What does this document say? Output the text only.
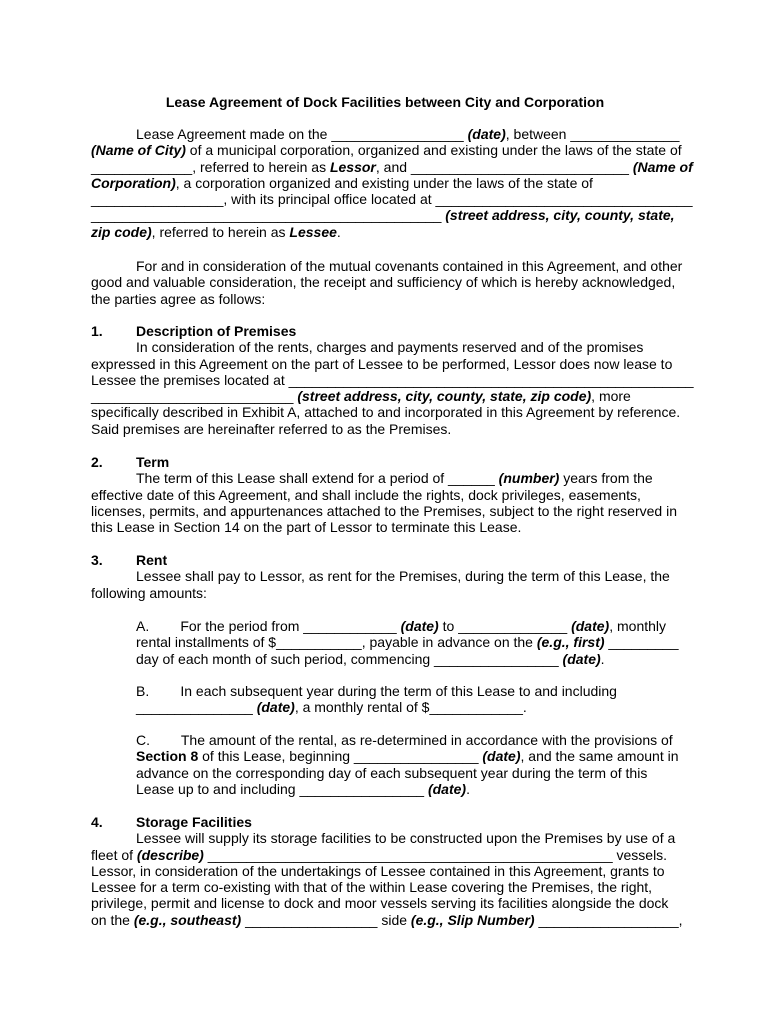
Lease Agreement of Dock Facilities between City and Corporation
Lease Agreement made on the _________________ (date), between ______________
(Name of City) of a municipal corporation, organized and existing under the laws of the state of
_____________, referred to herein as Lessor, and ____________________________ (Name of
Corporation), a corporation organized and existing under the laws of the state of
_________________, with its principal office located at _________________________________
_____________________________________________ (street address, city, county, state,
zip code), referred to herein as Lessee.
For and in consideration of the mutual covenants contained in this Agreement, and other
good and valuable consideration, the receipt and sufficiency of which is hereby acknowledged,
the parties agree as follows:
1. Description of Premises
In consideration of the rents, charges and payments reserved and of the promises
expressed in this Agreement on the part of Lessee to be performed, Lessor does now lease to
Lessee the premises located at ____________________________________________________
__________________________ (street address, city, county, state, zip code), more
specifically described in Exhibit A, attached to and incorporated in this Agreement by reference.
Said premises are hereinafter referred to as the Premises.
2. Term
The term of this Lease shall extend for a period of ______ (number) years from the
effective date of this Agreement, and shall include the rights, dock privileges, easements,
licenses, permits, and appurtenances attached to the Premises, subject to the right reserved in
this Lease in Section 14 on the part of Lessor to terminate this Lease.
3. Rent
Lessee shall pay to Lessor, as rent for the Premises, during the term of this Lease, the
following amounts:
A.        For the period from ____________ (date) to ______________ (date), monthly
rental installments of $___________, payable in advance on the (e.g., first) _________
day of each month of such period, commencing ________________ (date).
B.        In each subsequent year during the term of this Lease to and including
_______________ (date), a monthly rental of $____________.
C.        The amount of the rental, as re-determined in accordance with the provisions of
Section 8 of this Lease, beginning ________________ (date), and the same amount in
advance on the corresponding day of each subsequent year during the term of this
Lease up to and including ________________ (date).
4. Storage Facilities
Lessee will supply its storage facilities to be constructed upon the Premises by use of a
fleet of (describe) ____________________________________________________ vessels.
Lessor, in consideration of the undertakings of Lessee contained in this Agreement, grants to
Lessee for a term co-existing with that of the within Lease covering the Premises, the right,
privilege, permit and license to dock and moor vessels serving its facilities alongside the dock
on the (e.g., southeast) _________________ side (e.g., Slip Number) __________________,
